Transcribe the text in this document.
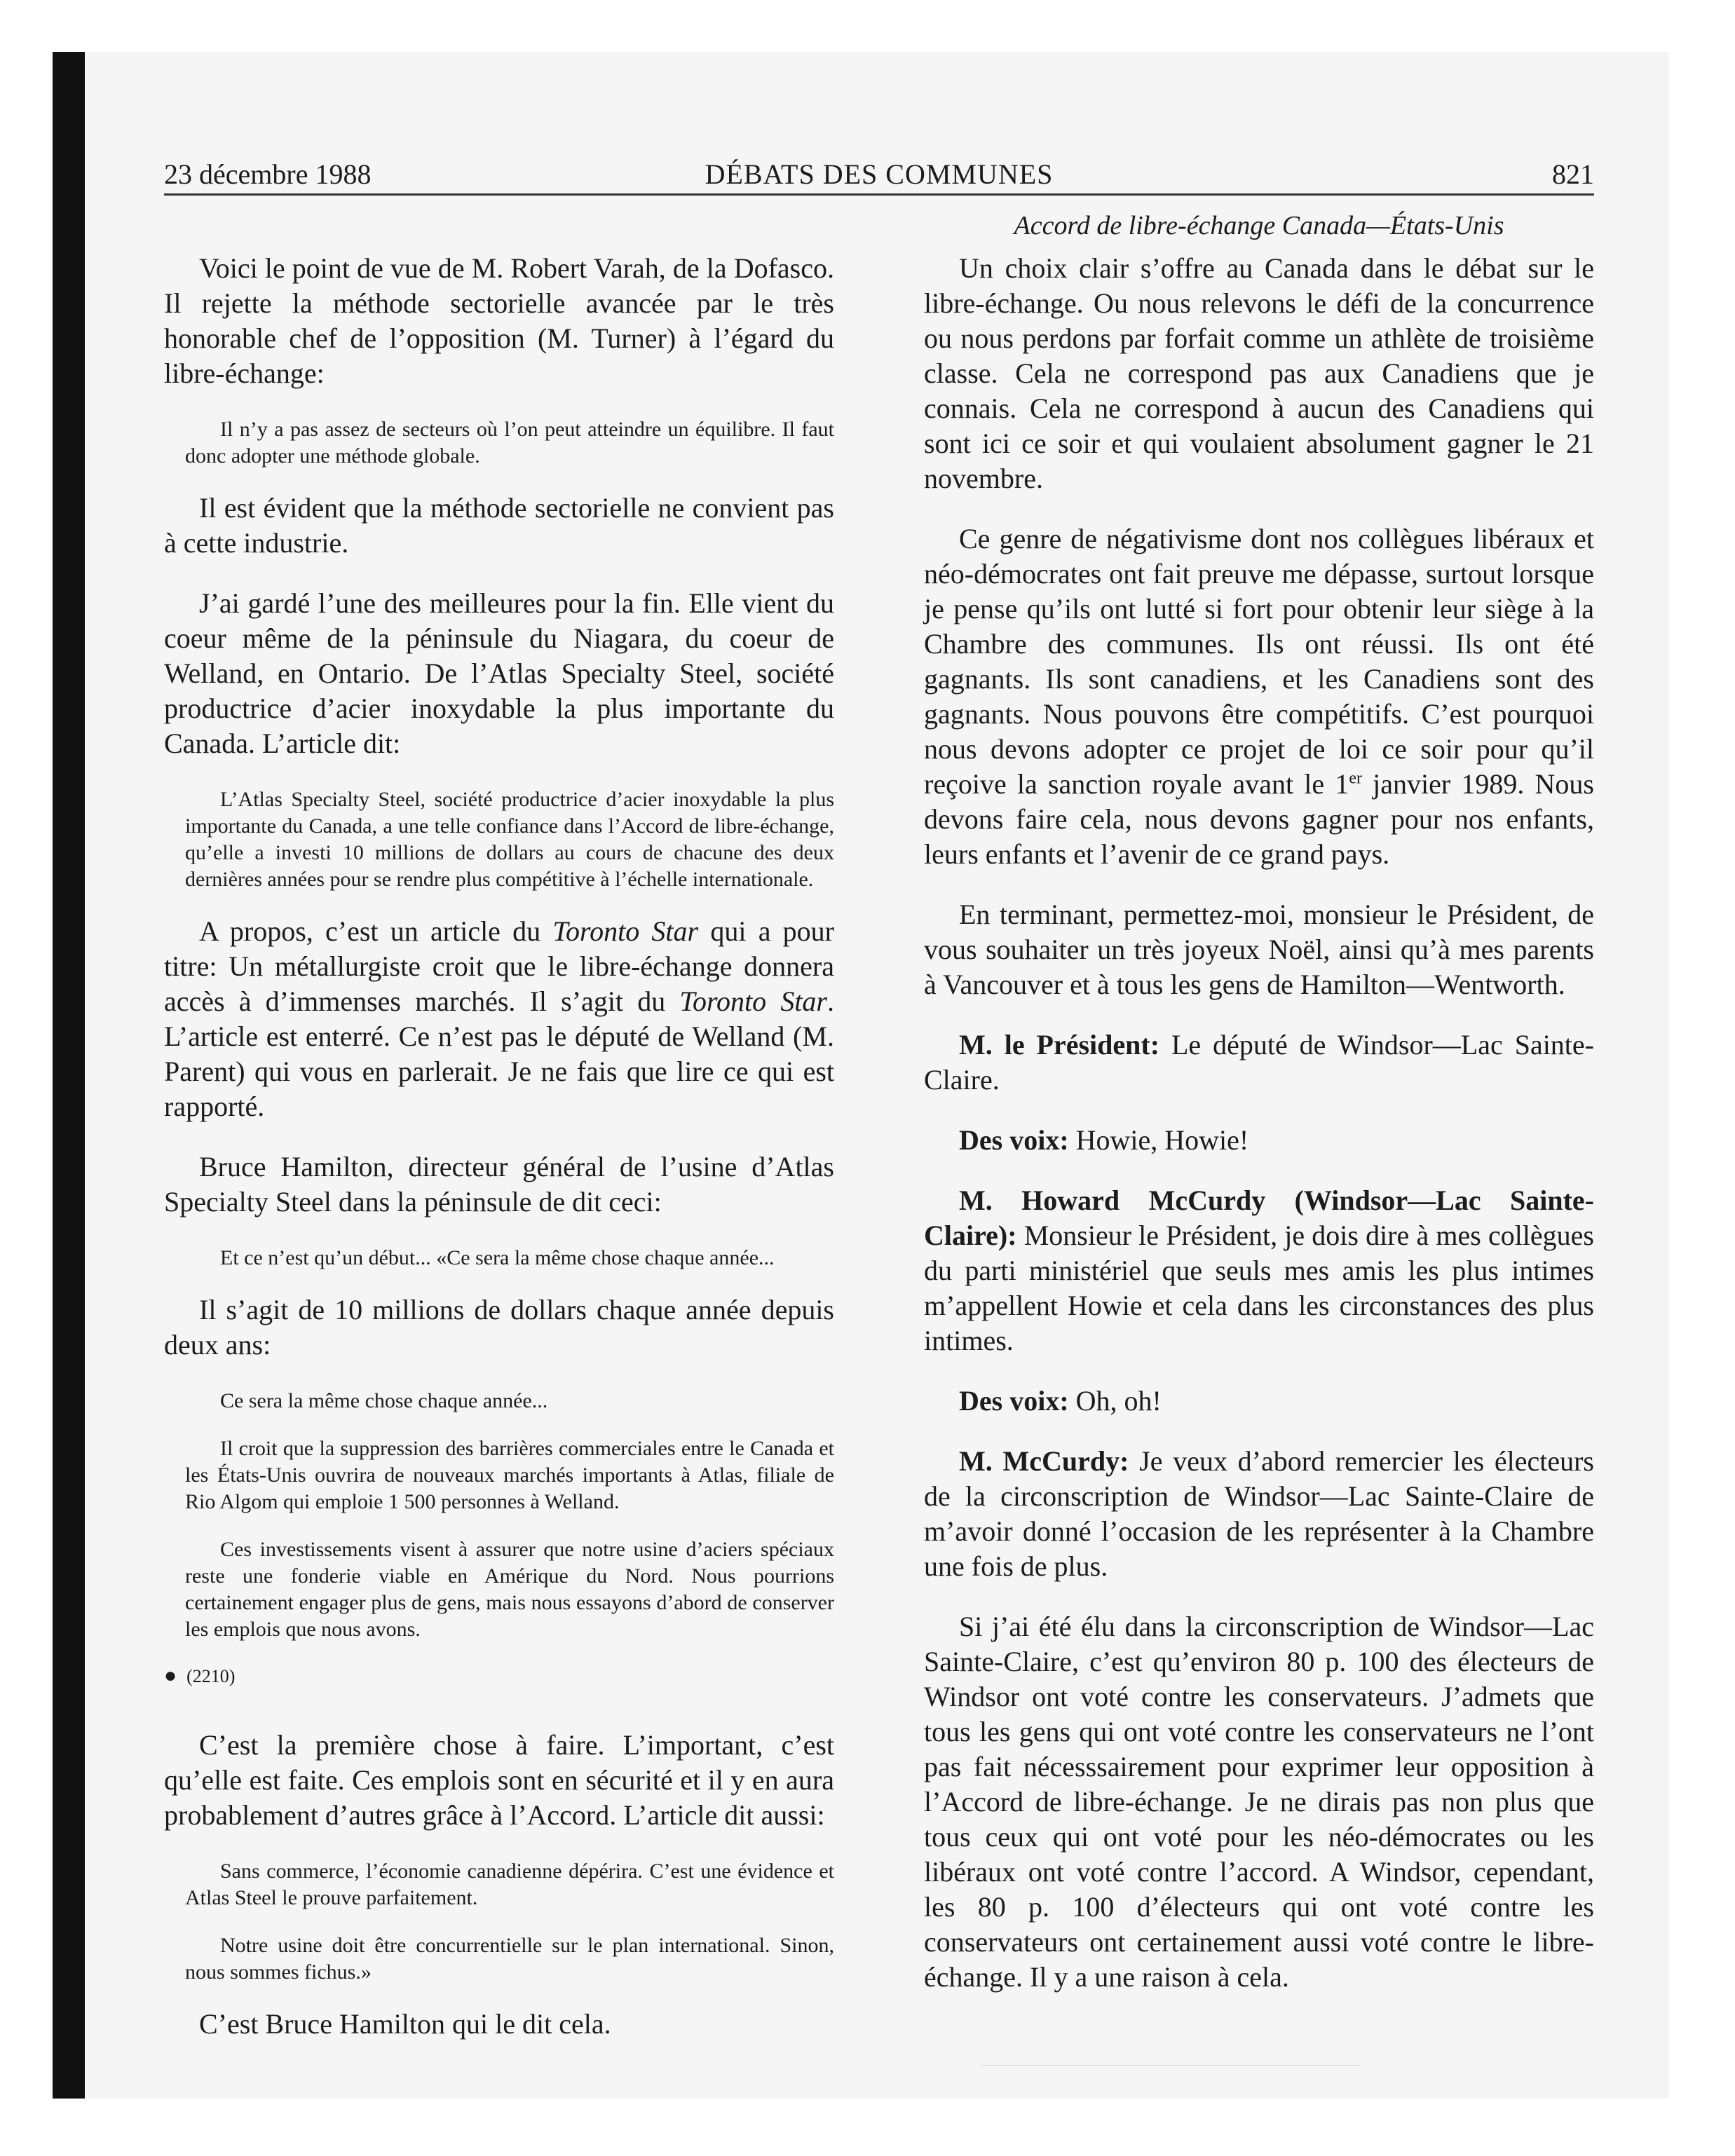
23 décembre 1988	DÉBATS DES COMMUNES	821
Accord de libre-échange Canada—États-Unis

Voici le point de vue de M. Robert Varah, de la Dofasco. Il rejette la méthode sectorielle avancée par le très honorable chef de l’opposition (M. Turner) à l’égard du libre-échange:

Il n’y a pas assez de secteurs où l’on peut atteindre un équilibre. Il faut donc adopter une méthode globale.

Il est évident que la méthode sectorielle ne convient pas à cette industrie.

J’ai gardé l’une des meilleures pour la fin. Elle vient du coeur même de la péninsule du Niagara, du coeur de Welland, en Ontario. De l’Atlas Specialty Steel, société productrice d’acier inoxydable la plus importante du Canada. L’article dit:

L’Atlas Specialty Steel, société productrice d’acier inoxydable la plus importante du Canada, a une telle confiance dans l’Accord de libre-échange, qu’elle a investi 10 millions de dollars au cours de chacune des deux dernières années pour se rendre plus compétitive à l’échelle internationale.

A propos, c’est un article du Toronto Star qui a pour titre: Un métallurgiste croit que le libre-échange donnera accès à d’immenses marchés. Il s’agit du Toronto Star. L’article est enterré. Ce n’est pas le député de Welland (M. Parent) qui vous en parlerait. Je ne fais que lire ce qui est rapporté.

Bruce Hamilton, directeur général de l’usine d’Atlas Specialty Steel dans la péninsule de dit ceci:

Et ce n’est qu’un début... «Ce sera la même chose chaque année...

Il s’agit de 10 millions de dollars chaque année depuis deux ans:

Ce sera la même chose chaque année...

Il croit que la suppression des barrières commerciales entre le Canada et les États-Unis ouvrira de nouveaux marchés importants à Atlas, filiale de Rio Algom qui emploie 1 500 personnes à Welland.

Ces investissements visent à assurer que notre usine d’aciers spéciaux reste une fonderie viable en Amérique du Nord. Nous pourrions certainement engager plus de gens, mais nous essayons d’abord de conserver les emplois que nous avons.

● (2210)

C’est la première chose à faire. L’important, c’est qu’elle est faite. Ces emplois sont en sécurité et il y en aura probablement d’autres grâce à l’Accord. L’article dit aussi:

Sans commerce, l’économie canadienne dépérira. C’est une évidence et Atlas Steel le prouve parfaitement.

Notre usine doit être concurrentielle sur le plan international. Sinon, nous sommes fichus.»

C’est Bruce Hamilton qui le dit cela.

Un choix clair s’offre au Canada dans le débat sur le libre-échange. Ou nous relevons le défi de la concurrence ou nous perdons par forfait comme un athlète de troisième classe. Cela ne correspond pas aux Canadiens que je connais. Cela ne correspond à aucun des Canadiens qui sont ici ce soir et qui voulaient absolument gagner le 21 novembre.

Ce genre de négativisme dont nos collègues libéraux et néo-démocrates ont fait preuve me dépasse, surtout lorsque je pense qu’ils ont lutté si fort pour obtenir leur siège à la Chambre des communes. Ils ont réussi. Ils ont été gagnants. Ils sont canadiens, et les Canadiens sont des gagnants. Nous pouvons être compétitifs. C’est pourquoi nous devons adopter ce projet de loi ce soir pour qu’il reçoive la sanction royale avant le 1er janvier 1989. Nous devons faire cela, nous devons gagner pour nos enfants, leurs enfants et l’avenir de ce grand pays.

En terminant, permettez-moi, monsieur le Président, de vous souhaiter un très joyeux Noël, ainsi qu’à mes parents à Vancouver et à tous les gens de Hamilton—Wentworth.

M. le Président: Le député de Windsor—Lac Sainte-Claire.

Des voix: Howie, Howie!

M. Howard McCurdy (Windsor—Lac Sainte-Claire): Monsieur le Président, je dois dire à mes collègues du parti ministériel que seuls mes amis les plus intimes m’appellent Howie et cela dans les circonstances des plus intimes.

Des voix: Oh, oh!

M. McCurdy: Je veux d’abord remercier les électeurs de la circonscription de Windsor—Lac Sainte-Claire de m’avoir donné l’occasion de les représenter à la Chambre une fois de plus.

Si j’ai été élu dans la circonscription de Windsor—Lac Sainte-Claire, c’est qu’environ 80 p. 100 des électeurs de Windsor ont voté contre les conservateurs. J’admets que tous les gens qui ont voté contre les conservateurs ne l’ont pas fait nécesssairement pour exprimer leur opposition à l’Accord de libre-échange. Je ne dirais pas non plus que tous ceux qui ont voté pour les néo-démocrates ou les libéraux ont voté contre l’accord. A Windsor, cependant, les 80 p. 100 d’électeurs qui ont voté contre les conservateurs ont certainement aussi voté contre le libre-échange. Il y a une raison à cela.
